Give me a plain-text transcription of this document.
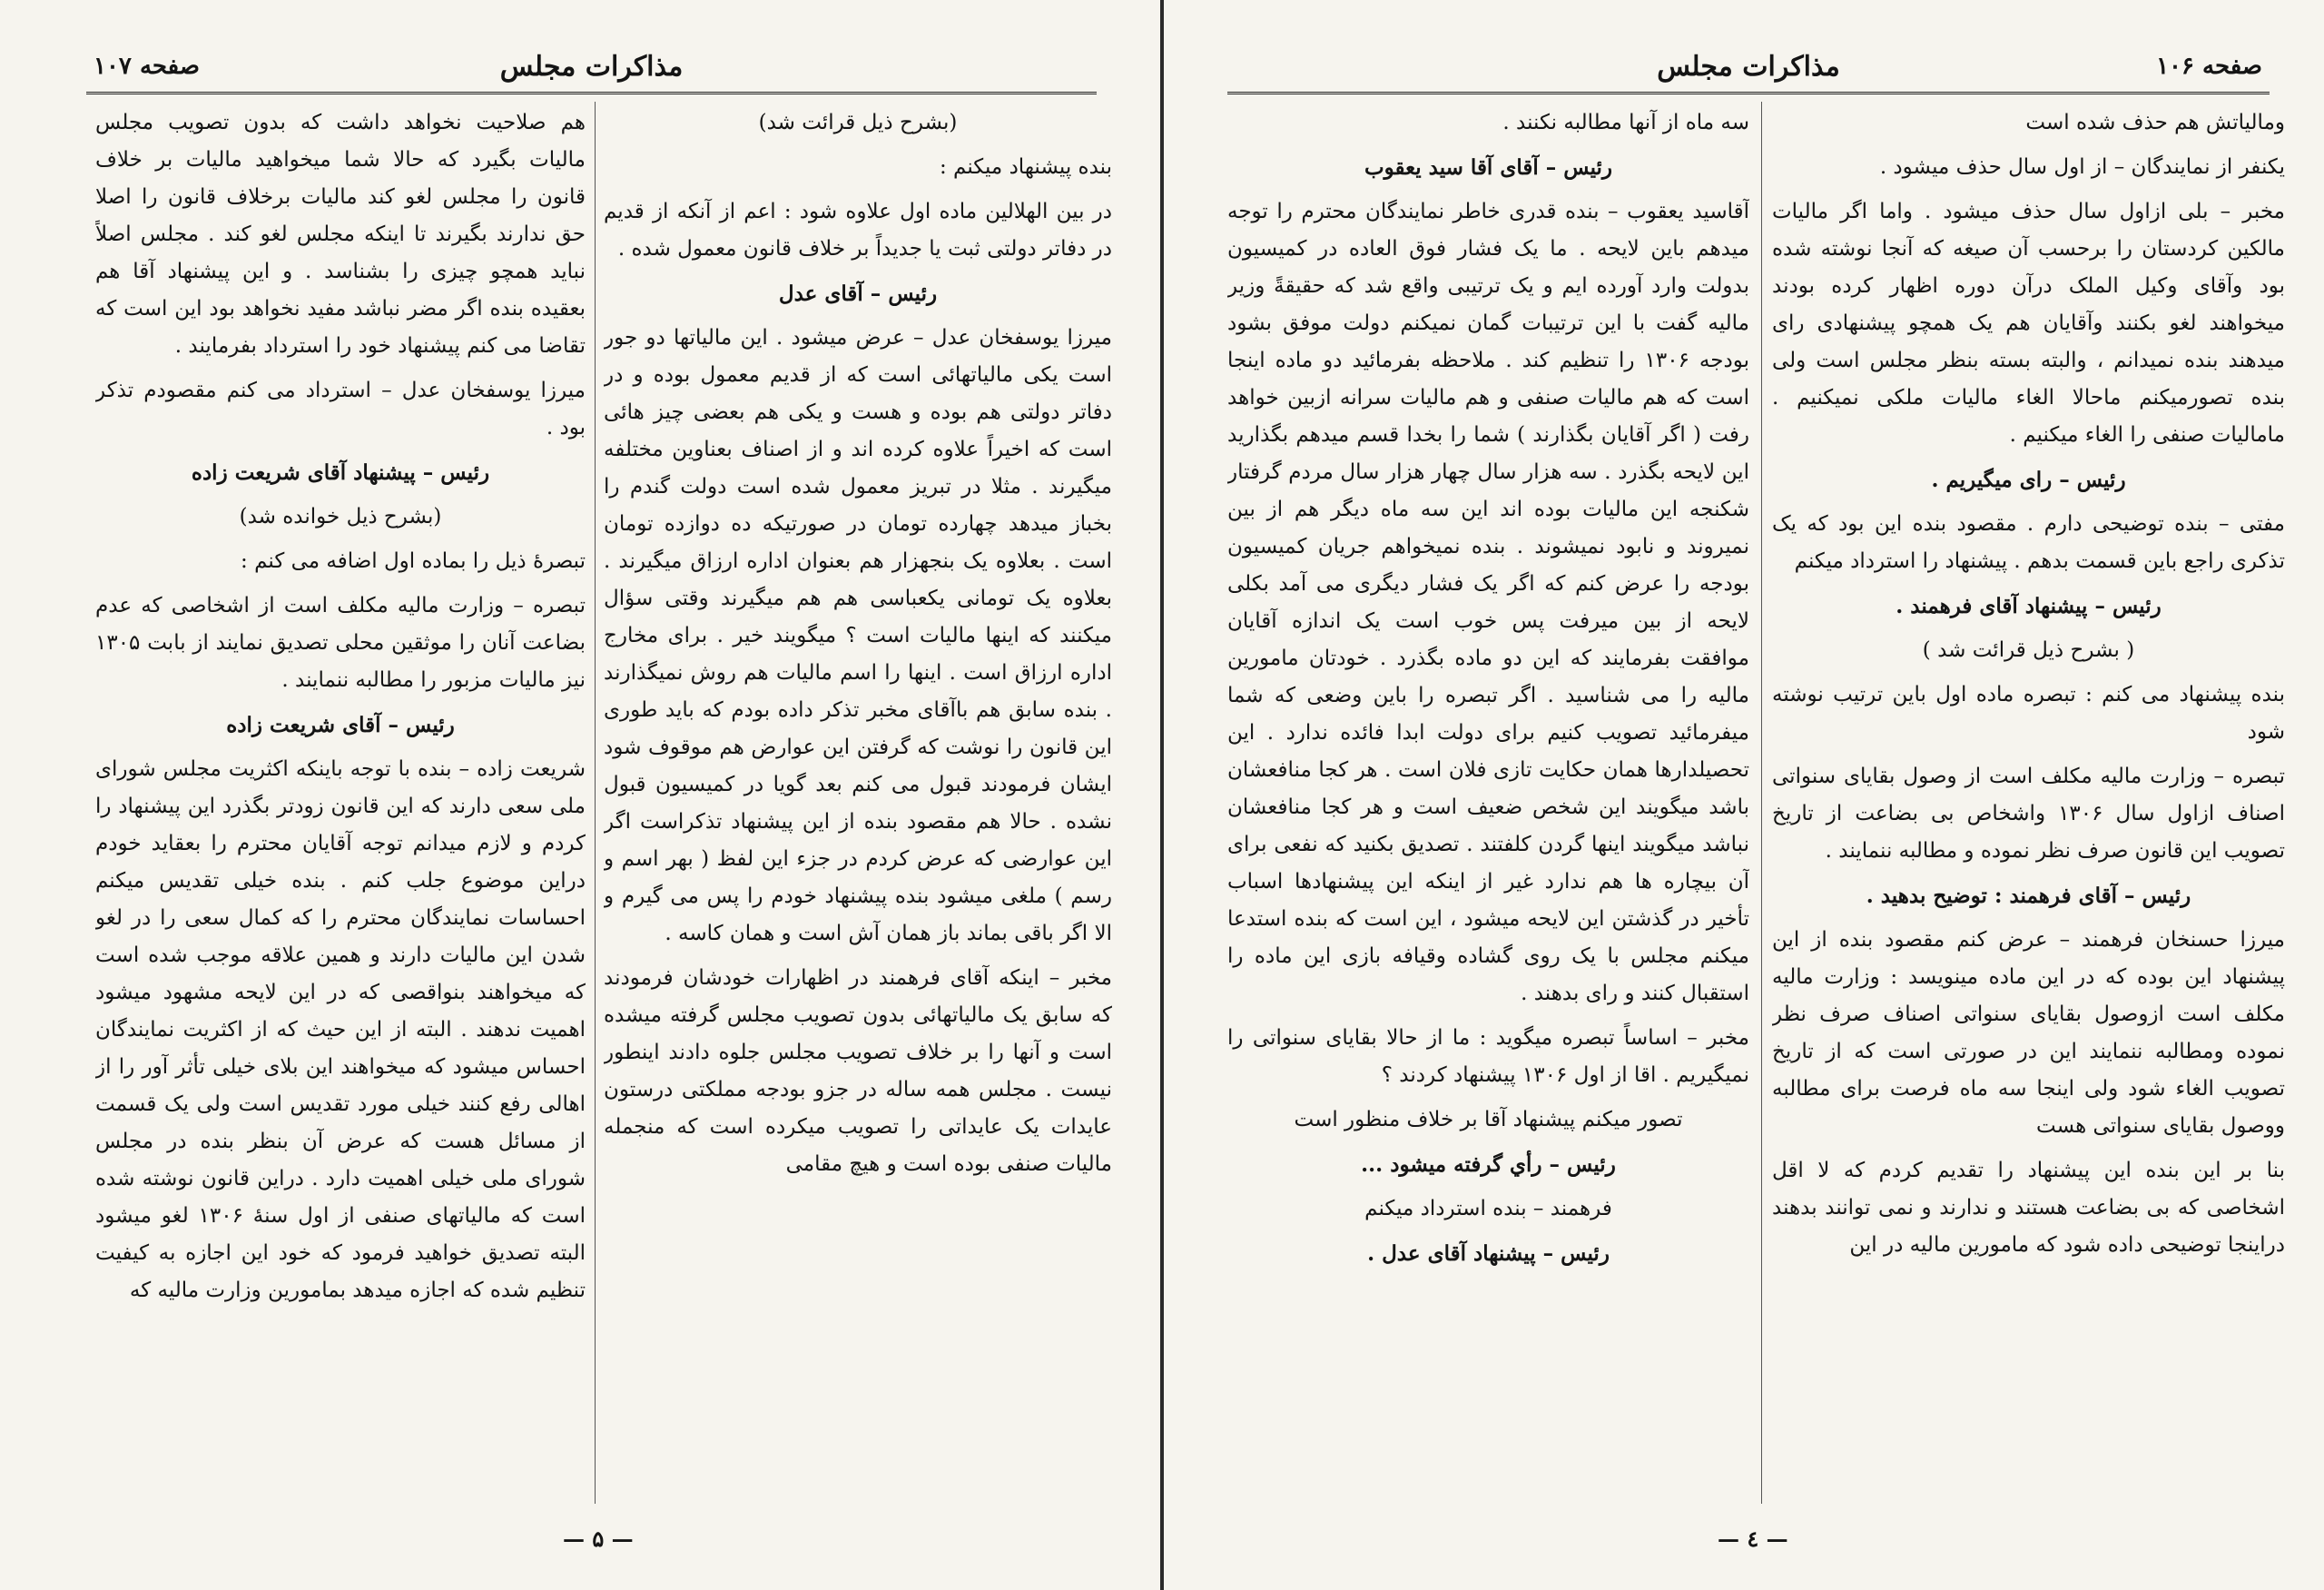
مذاکرات مجلس
صفحه ۱۰۷

(بشرح ذیل قرائت شد)

بنده پیشنهاد میکنم :

در بین الهلالین ماده اول علاوه شود : اعم از آنکه از قدیم در دفاتر دولتی ثبت یا جدیداً بر خلاف قانون معمول شده .

رئیس – آقای عدل

میرزا یوسفخان عدل – عرض میشود . این مالیاتها دو جور است یکی مالیاتهائی است که از قدیم معمول بوده و در دفاتر دولتی هم بوده و هست و یکی هم بعضی چیز هائی است که اخیراً علاوه کرده اند و از اصناف بعناوین مختلفه میگیرند . مثلا در تبریز معمول شده است دولت گندم را بخباز میدهد چهارده تومان در صورتیکه ده دوازده تومان است . بعلاوه یک بنجهزار هم بعنوان اداره ارزاق میگیرند . بعلاوه یک تومانی یکعباسی هم هم میگیرند وقتی سؤال میکنند که اینها مالیات است ؟ میگویند خیر . برای مخارج اداره ارزاق است . اینها را اسم مالیات هم روش نمیگذارند . بنده سابق هم باآقای مخبر تذکر داده بودم که باید طوری این قانون را نوشت که گرفتن این عوارض هم موقوف شود ایشان فرمودند قبول می کنم بعد گویا در کمیسیون قبول نشده . حالا هم مقصود بنده از این پیشنهاد تذکراست اگر این عوارضی که عرض کردم در جزء این لفظ ( بهر اسم و رسم ) ملغی میشود بنده پیشنهاد خودم را پس می گیرم و الا اگر باقی بماند باز همان آش است و همان کاسه .

مخبر – اینکه آقای فرهمند در اظهارات خودشان فرمودند که سابق یک مالیاتهائی بدون تصویب مجلس گرفته میشده است و آنها را بر خلاف تصویب مجلس جلوه دادند اینطور نیست . مجلس همه ساله در جزو بودجه مملکتی درستون عایدات یک عایداتی را تصویب میکرده است که منجمله مالیات صنفی بوده است و هیچ مقامی

هم صلاحیت نخواهد داشت که بدون تصویب مجلس مالیات بگیرد که حالا شما میخواهید مالیات بر خلاف قانون را مجلس لغو کند مالیات برخلاف قانون را اصلا حق ندارند بگیرند تا اینکه مجلس لغو کند . مجلس اصلاً نباید همچو چیزی را بشناسد . و این پیشنهاد آقا هم بعقیده بنده اگر مضر نباشد مفید نخواهد بود این است که تقاضا می کنم پیشنهاد خود را استرداد بفرمایند .

میرزا یوسفخان عدل – استرداد می کنم مقصودم تذکر بود .

رئیس – پیشنهاد آقای شریعت زاده

(بشرح ذیل خوانده شد)

تبصرهٔ ذیل را بماده اول اضافه می کنم :

تبصره – وزارت مالیه مکلف است از اشخاصی که عدم بضاعت آنان را موثقین محلی تصدیق نمایند از بابت ۱۳۰۵ نیز مالیات مزبور را مطالبه ننمایند .

رئیس – آقای شریعت زاده

شریعت زاده – بنده با توجه باینکه اکثریت مجلس شورای ملی سعی دارند که این قانون زودتر بگذرد این پیشنهاد را کردم و لازم میدانم توجه آقایان محترم را بعقاید خودم دراین موضوع جلب کنم . بنده خیلی تقدیس میکنم احساسات نمایندگان محترم را که کمال سعی را در لغو شدن این مالیات دارند و همین علاقه موجب شده است که میخواهند بنواقصی که در این لایحه مشهود میشود اهمیت ندهند . البته از این حیث که از اکثریت نمایندگان احساس میشود که میخواهند این بلای خیلی تأثر آور را از اهالی رفع کنند خیلی مورد تقدیس است ولی یک قسمت از مسائل هست که عرض آن بنظر بنده در مجلس شورای ملی خیلی اهمیت دارد . دراین قانون نوشته شده است که مالیاتهای صنفی از اول سنهٔ ۱۳۰۶ لغو میشود البته تصدیق خواهید فرمود که خود این اجازه به کیفیت تنظیم شده که اجازه میدهد بمامورین وزارت مالیه که

— ۵ —
مذاکرات مجلس	صفحه ۱۰۶

ومالیاتش هم حذف شده است

یکنفر از نمایندگان – از اول سال حذف میشود .

مخبر – بلی ازاول سال حذف میشود . واما اگر مالیات مالکین کردستان را برحسب آن صیغه که آنجا نوشته شده بود وآقای وکیل الملک درآن دوره اظهار کرده بودند میخواهند لغو بکنند وآقایان هم یک همچو پیشنهادی رای میدهند بنده نمیدانم ، والبته بسته بنظر مجلس است ولی بنده تصورمیکنم ماحالا الغاء مالیات ملکی نمیکنیم . مامالیات صنفی را الغاء میکنیم .

رئیس – رای میگیریم .

مفتی – بنده توضیحی دارم . مقصود بنده این بود که یک تذکری راجع باین قسمت بدهم . پیشنهاد را استرداد میکنم

رئیس – پیشنهاد آقای فرهمند .

( بشرح ذیل قرائت شد )

بنده پیشنهاد می کنم : تبصره ماده اول باین ترتیب نوشته شود

تبصره – وزارت مالیه مکلف است از وصول بقایای سنواتی اصناف ازاول سال ۱۳۰۶ واشخاص بی بضاعت از تاریخ تصویب این قانون صرف نظر نموده و مطالبه ننمایند .

رئیس – آقای فرهمند : توضیح بدهید .

میرزا حسنخان فرهمند – عرض کنم مقصود بنده از این پیشنهاد این بوده که در این ماده مینویسد : وزارت مالیه مکلف است ازوصول بقایای سنواتی اصناف صرف نظر نموده ومطالبه ننمایند این در صورتی است که از تاریخ تصویب الغاء شود ولی اینجا سه ماه فرصت برای مطالبه ووصول بقایای سنواتی هست

بنا بر این بنده این پیشنهاد را تقدیم کردم که لا اقل اشخاصی که بی بضاعت هستند و ندارند و نمی توانند بدهند دراینجا توضیحی داده شود که مامورین مالیه در این

سه ماه از آنها مطالبه نکنند .

رئیس – آقای آقا سید یعقوب

آقاسید یعقوب – بنده قدری خاطر نمایندگان محترم را توجه میدهم باین لایحه . ما یک فشار فوق العاده در کمیسیون بدولت وارد آورده ایم و یک ترتیبی واقع شد که حقیقةً وزیر مالیه گفت با این ترتیبات گمان نمیکنم دولت موفق بشود بودجه ۱۳۰۶ را تنظیم کند . ملاحظه بفرمائید دو ماده اینجا است که هم مالیات صنفی و هم مالیات سرانه ازبین خواهد رفت ( اگر آقایان بگذارند ) شما را بخدا قسم میدهم بگذارید این لایحه بگذرد . سه هزار سال چهار هزار سال مردم گرفتار شکنجه این مالیات بوده اند این سه ماه دیگر هم از بین نمیروند و نابود نمیشوند . بنده نمیخواهم جریان کمیسیون بودجه را عرض کنم که اگر یک فشار دیگری می آمد بکلی لایحه از بین میرفت پس خوب است یک اندازه آقایان موافقت بفرمایند که این دو ماده بگذرد . خودتان مامورین مالیه را می شناسید . اگر تبصره را باین وضعی که شما میفرمائید تصویب کنیم برای دولت ابدا فائده ندارد . این تحصیلدارها همان حکایت تازی فلان است . هر کجا منافعشان باشد میگویند این شخص ضعیف است و هر کجا منافعشان نباشد میگویند اینها گردن کلفتند . تصدیق بکنید که نفعی برای آن بیچاره ها هم ندارد غیر از اینکه این پیشنهادها اسباب تأخیر در گذشتن این لایحه میشود ، این است که بنده استدعا میکنم مجلس با یک روی گشاده وقیافه بازی این ماده را استقبال کنند و رای بدهند .

مخبر – اساساً تبصره میگوید : ما از حالا بقایای سنواتی را نمیگیریم . اقا از اول ۱۳۰۶ پیشنهاد کردند ؟

تصور میکنم پیشنهاد آقا بر خلاف منظور است

رئیس – رأي گرفته میشود ...

فرهمند – بنده استرداد میکنم

رئیس – پیشنهاد آقای عدل .

— ٤ —
